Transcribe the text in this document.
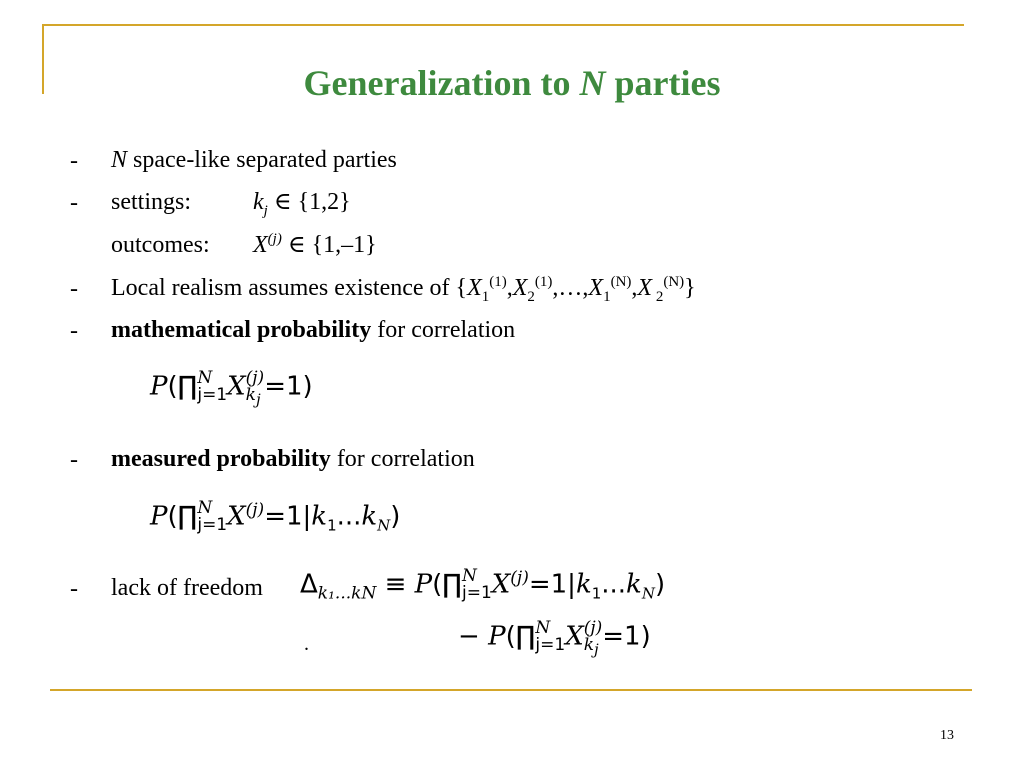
Generalization to N parties
- N space-like separated parties
- settings:	$k_j$ ∈ {1,2}
outcomes: $X^{(j)}$ ∈ {1,–1}
- Local realism assumes existence of {$X_1^{(1)},X_2^{(1)},\dots,X_1^{(N)},X$ $_2^{(N)}$}
- mathematical probability for correlation
P(∏ N
j=1 X (j)
$k_j =1$)
- measured probability for correlation
P(∏ N
j=1 $X^{(j)}=1|k_1...k_N$)
- lack of freedom $\Delta_{k_1...kN}$ ≡ P(∏ N
j=1 $X^{(j)}=1|k_1...k_N$)
.	− P(∏ N
j=1 X (j)
$k_j =1$)
13
